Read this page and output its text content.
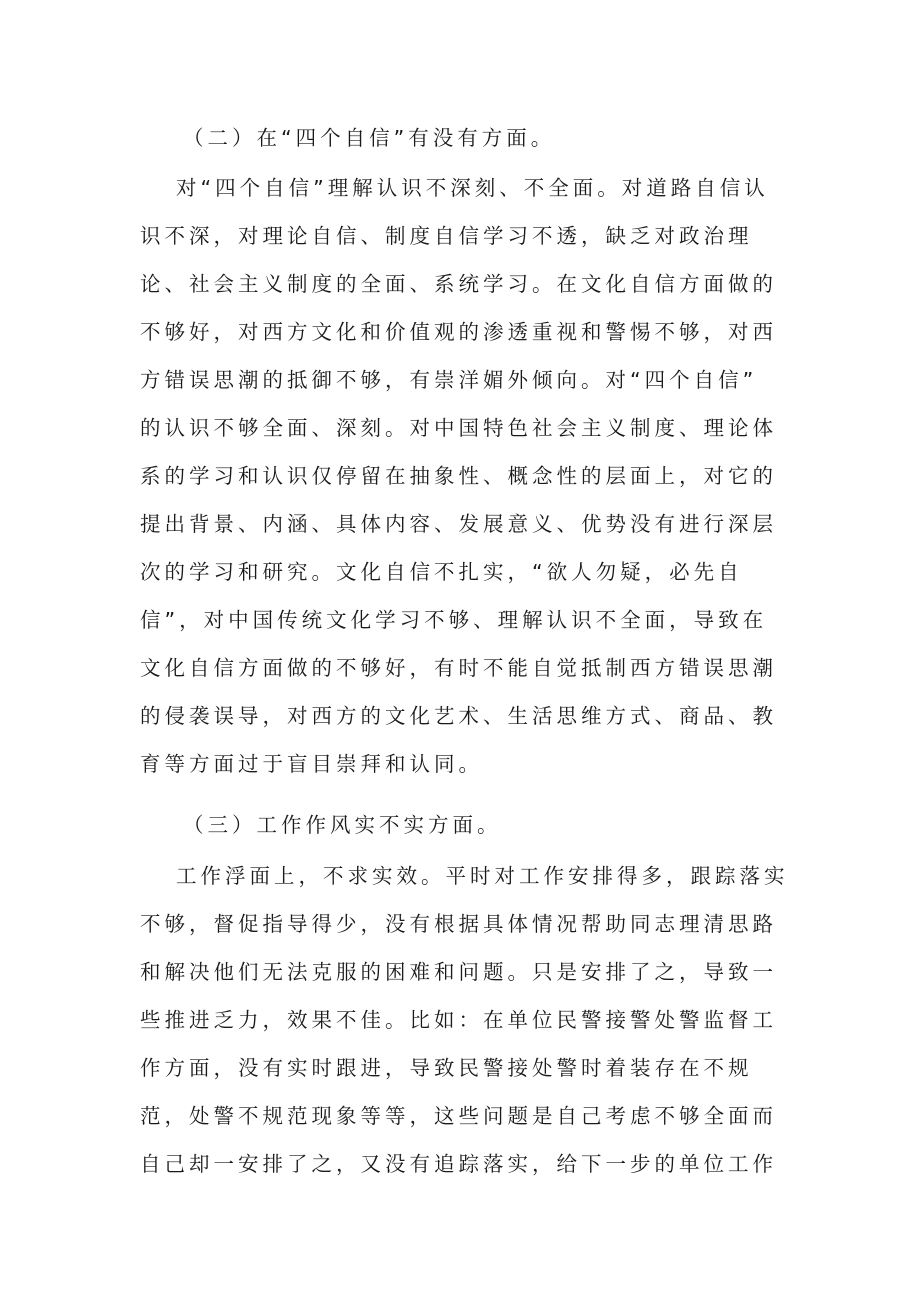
（二）在“四个自信”有没有方面。
对“四个自信”理解认识不深刻、不全面。对道路自信认
识不深，对理论自信、制度自信学习不透，缺乏对政治理
论、社会主义制度的全面、系统学习。在文化自信方面做的
不够好，对西方文化和价值观的渗透重视和警惕不够，对西
方错误思潮的抵御不够，有崇洋媚外倾向。对“四个自信”
的认识不够全面、深刻。对中国特色社会主义制度、理论体
系的学习和认识仅停留在抽象性、概念性的层面上，对它的
提出背景、内涵、具体内容、发展意义、优势没有进行深层
次的学习和研究。文化自信不扎实，“欲人勿疑，必先自
信”，对中国传统文化学习不够、理解认识不全面，导致在
文化自信方面做的不够好，有时不能自觉抵制西方错误思潮
的侵袭误导，对西方的文化艺术、生活思维方式、商品、教
育等方面过于盲目崇拜和认同。
（三）工作作风实不实方面。
工作浮面上，不求实效。平时对工作安排得多，跟踪落实
不够，督促指导得少，没有根据具体情况帮助同志理清思路
和解决他们无法克服的困难和问题。只是安排了之，导致一
些推进乏力，效果不佳。比如：在单位民警接警处警监督工
作方面，没有实时跟进，导致民警接处警时着装存在不规
范，处警不规范现象等等，这些问题是自己考虑不够全面而
自己却一安排了之，又没有追踪落实，给下一步的单位工作
